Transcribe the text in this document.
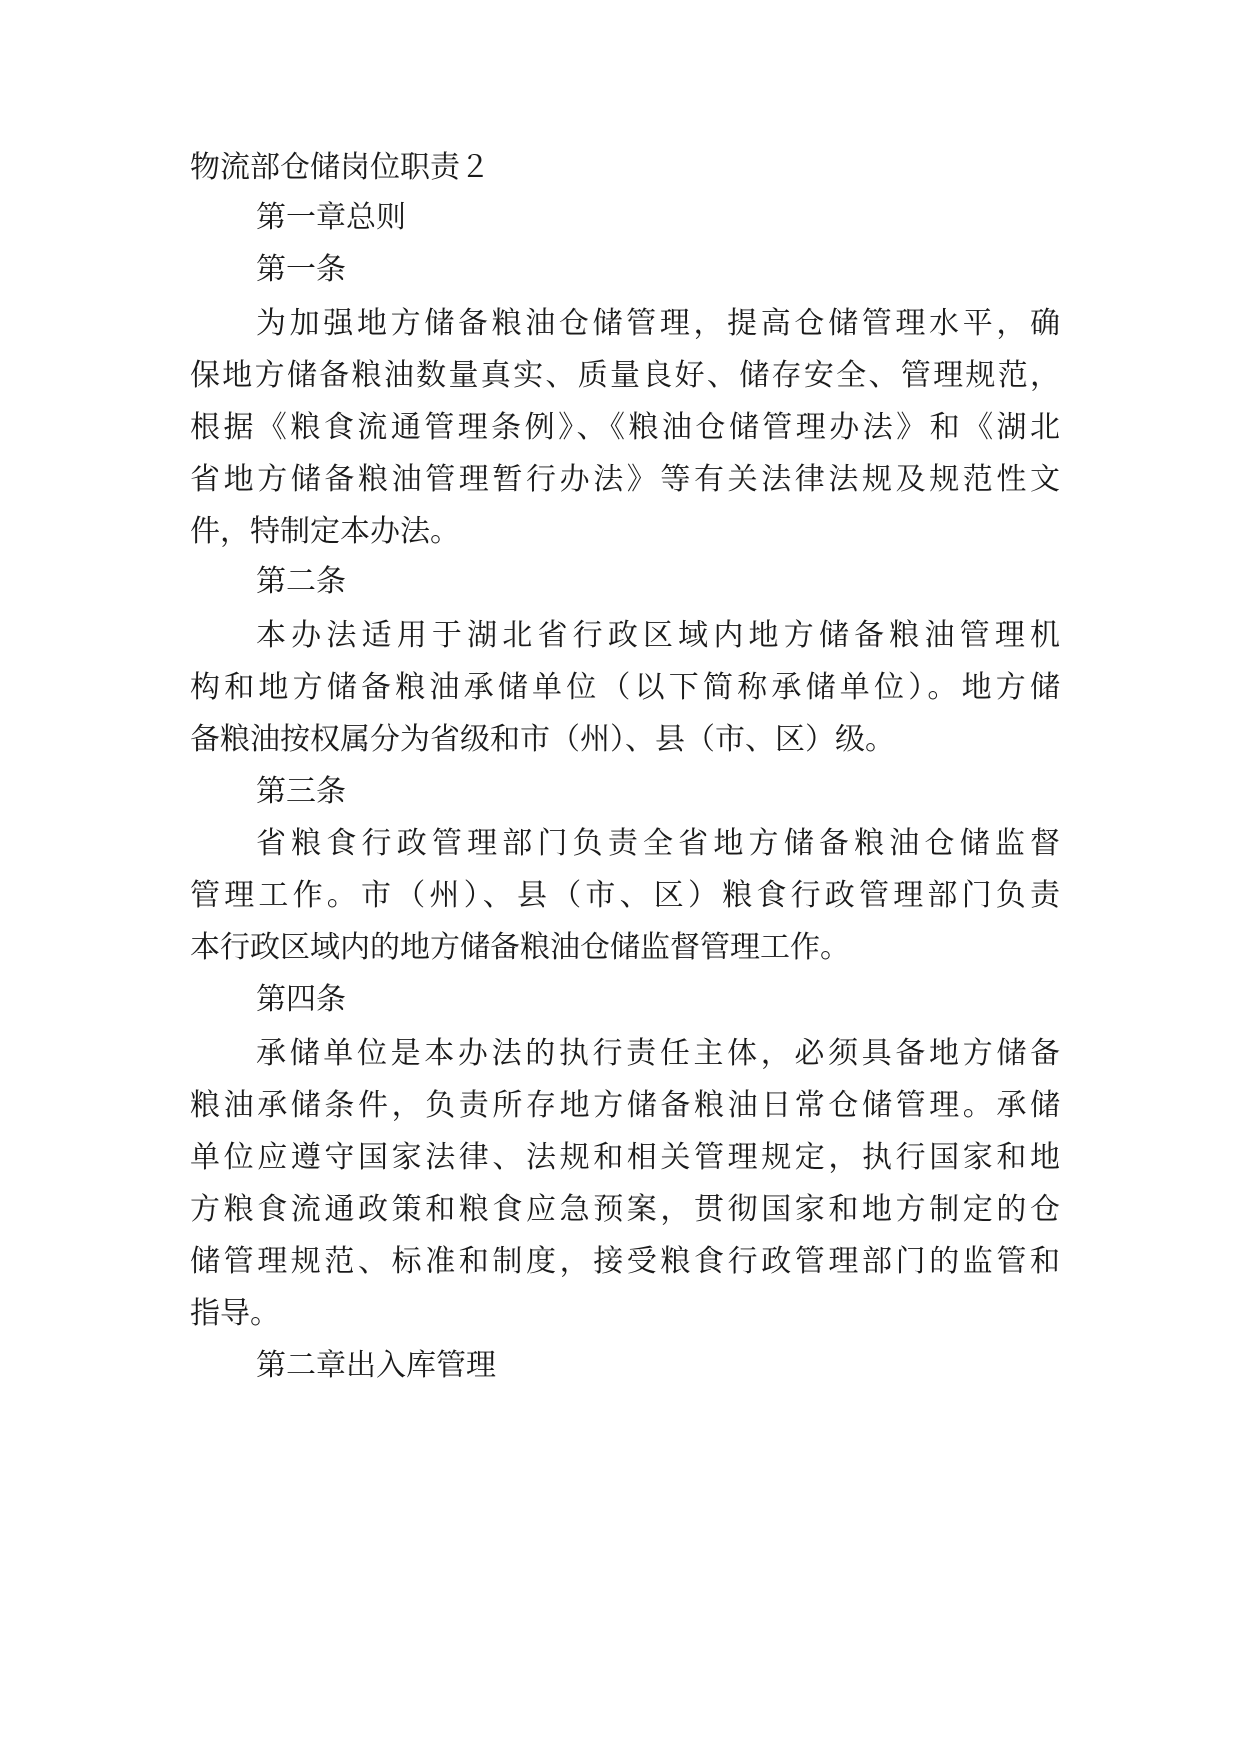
物流部仓储岗位职责２
第一章总则
第一条
为加强地方储备粮油仓储管理，提高仓储管理水平，确
保地方储备粮油数量真实、质量良好、储存安全、管理规范，
根据《粮食流通管理条例》、《粮油仓储管理办法》和《湖北
省地方储备粮油管理暂行办法》等有关法律法规及规范性文
件，特制定本办法。
第二条
本办法适用于湖北省行政区域内地方储备粮油管理机
构和地方储备粮油承储单位（以下简称承储单位）。地方储
备粮油按权属分为省级和市（州）、县（市、区）级。
第三条
省粮食行政管理部门负责全省地方储备粮油仓储监督
管理工作。市（州）、县（市、区）粮食行政管理部门负责
本行政区域内的地方储备粮油仓储监督管理工作。
第四条
承储单位是本办法的执行责任主体，必须具备地方储备
粮油承储条件，负责所存地方储备粮油日常仓储管理。承储
单位应遵守国家法律、法规和相关管理规定，执行国家和地
方粮食流通政策和粮食应急预案，贯彻国家和地方制定的仓
储管理规范、标准和制度，接受粮食行政管理部门的监管和
指导。
第二章出入库管理
